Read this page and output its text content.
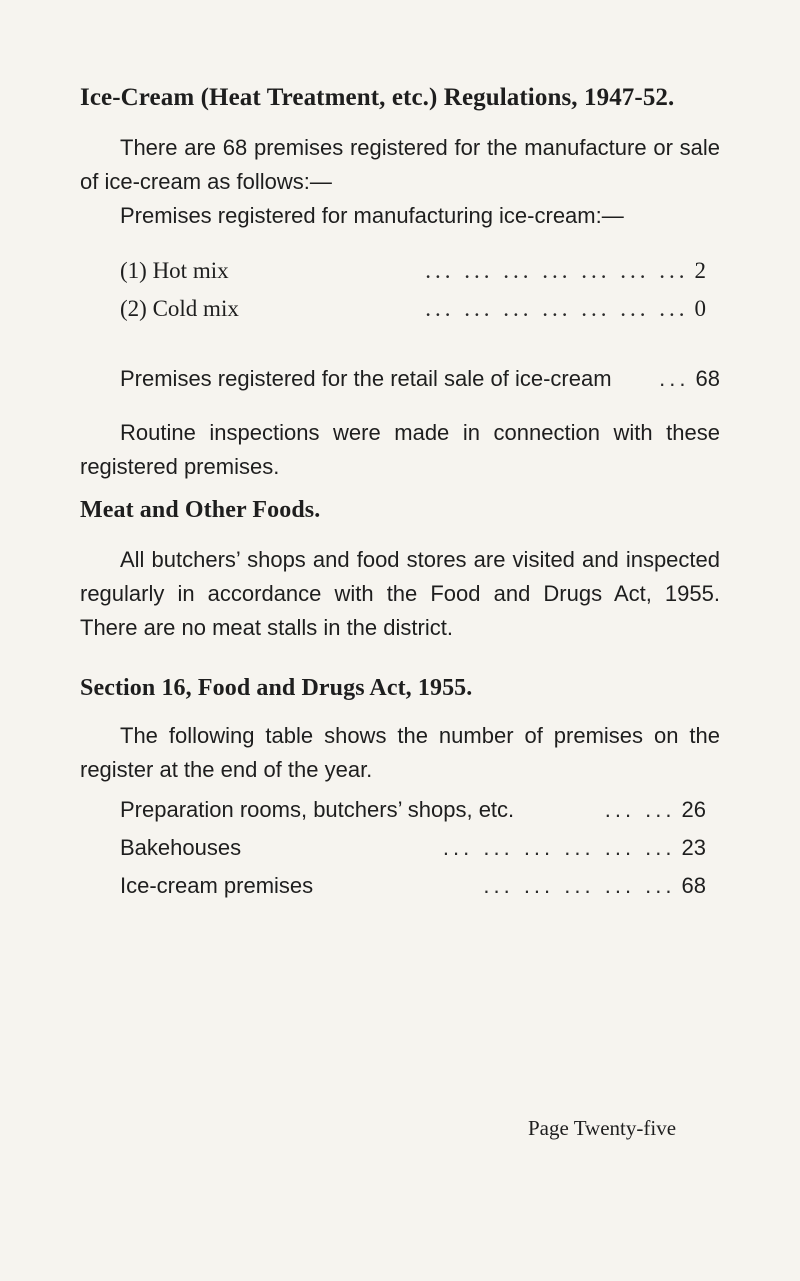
Ice-Cream (Heat Treatment, etc.) Regulations, 1947-52.
There are 68 premises registered for the manufacture or sale
of ice-cream as follows:—
Premises registered for manufacturing ice-cream:—
(1) Hot mix	... ... ... ... ... ... ... 2
(2) Cold mix	... ... ... ... ... ... ... 0
Premises registered for the retail sale of ice-cream	... 68
Routine inspections were made in connection with these
registered premises.
Meat and Other Foods.
All butchers’ shops and food stores are visited and inspected
regularly in accordance with the Food and Drugs Act, 1955.
There are no meat stalls in the district.
Section 16, Food and Drugs Act, 1955.
The following table shows the number of premises on the
register at the end of the year.
Preparation rooms, butchers’ shops, etc.	... ... 26
Bakehouses	... ... ... ... ... ... 23
Ice-cream premises	... ... ... ... ... 68
Page Twenty-five
